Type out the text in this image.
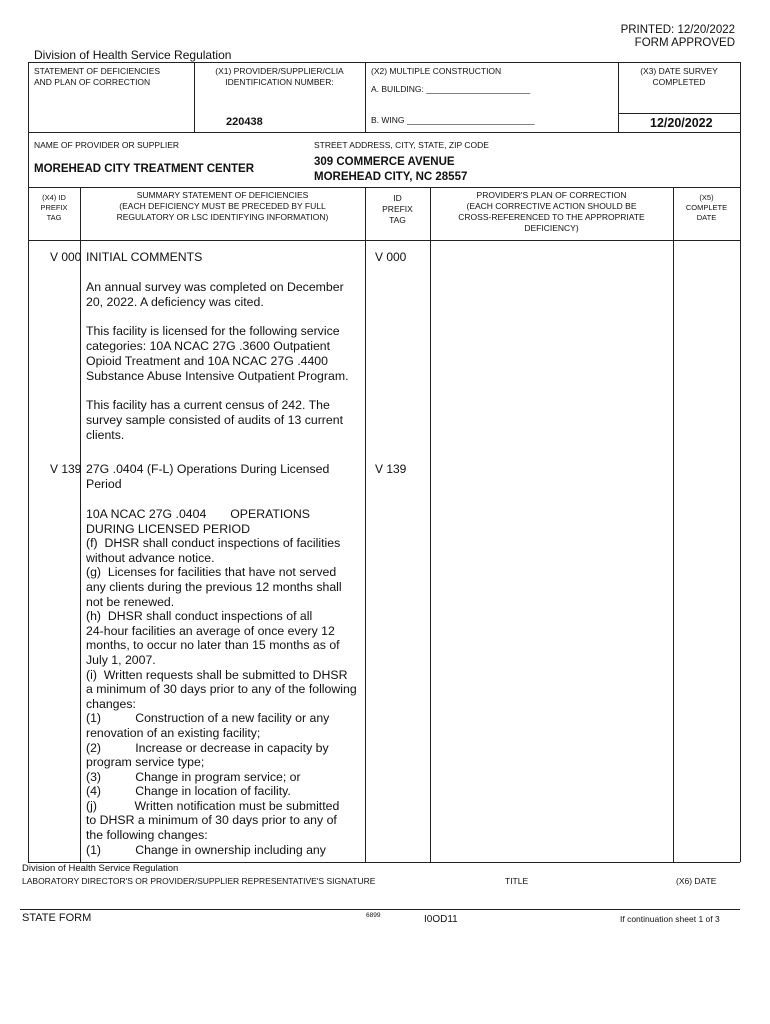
PRINTED: 12/20/2022
FORM APPROVED
Division of Health Service Regulation
STATEMENT OF DEFICIENCIES
AND PLAN OF CORRECTION
(X1) PROVIDER/SUPPLIER/CLIA
IDENTIFICATION NUMBER:
220438
(X2) MULTIPLE CONSTRUCTION
A. BUILDING: ______________________
B. WING ___________________________
(X3) DATE SURVEY
COMPLETED
12/20/2022
NAME OF PROVIDER OR SUPPLIER
MOREHEAD CITY TREATMENT CENTER
STREET ADDRESS, CITY, STATE, ZIP CODE
309 COMMERCE AVENUE
MOREHEAD CITY, NC 28557
(X4) ID
PREFIX
TAG
SUMMARY STATEMENT OF DEFICIENCIES
(EACH DEFICIENCY MUST BE PRECEDED BY FULL
REGULATORY OR LSC IDENTIFYING INFORMATION)
ID
PREFIX
TAG
PROVIDER'S PLAN OF CORRECTION
(EACH CORRECTIVE ACTION SHOULD BE
CROSS-REFERENCED TO THE APPROPRIATE
DEFICIENCY)
(X5)
COMPLETE
DATE
V 000	V 000
INITIAL COMMENTS

An annual survey was completed on December 20, 2022. A deficiency was cited.

This facility is licensed for the following service categories: 10A NCAC 27G .3600 Outpatient Opioid Treatment and 10A NCAC 27G .4400 Substance Abuse Intensive Outpatient Program.

This facility has a current census of 242. The survey sample consisted of audits of 13 current clients.

V 139	V 139
27G .0404 (F-L) Operations During Licensed
Period
10A NCAC 27G .0404       OPERATIONS
DURING LICENSED PERIOD
(f)  DHSR shall conduct inspections of facilities
without advance notice.
(g)  Licenses for facilities that have not served
any clients during the previous 12 months shall
not be renewed.
(h)  DHSR shall conduct inspections of all
24-hour facilities an average of once every 12
months, to occur no later than 15 months as of
July 1, 2007.
(i)  Written requests shall be submitted to DHSR
a minimum of 30 days prior to any of the following
changes:
(1)          Construction of a new facility or any
renovation of an existing facility;
(2)          Increase or decrease in capacity by
program service type;
(3)          Change in program service; or
(4)          Change in location of facility.
(j)           Written notification must be submitted
to DHSR a minimum of 30 days prior to any of
the following changes:
(1)          Change in ownership including any
Division of Health Service Regulation
LABORATORY DIRECTOR'S OR PROVIDER/SUPPLIER REPRESENTATIVE'S SIGNATURE	TITLE	(X6) DATE
STATE FORM	6899	I0OD11	If continuation sheet 1 of 3
